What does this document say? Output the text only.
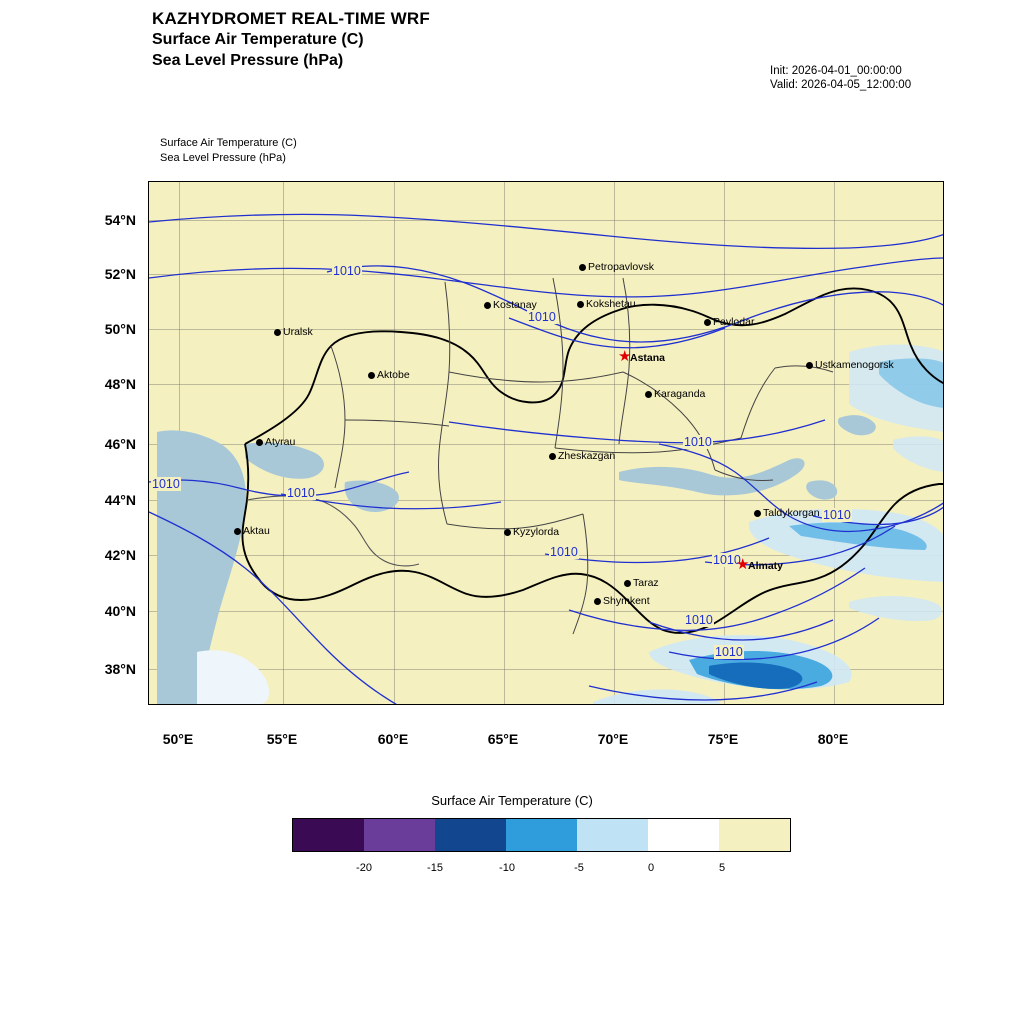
KAZHYDROMET REAL-TIME WRF
Surface Air Temperature (C)
Sea Level Pressure (hPa)
Init: 2026-04-01_00:00:00
Valid: 2026-04-05_12:00:00
Surface Air Temperature (C)
Sea Level Pressure (hPa)
1010
1010
1010
1010
1010
1010
1010
1010
1010
1010
Petropavlovsk
Kostanay	Kokshetau
Pavlodar
Uralsk
Ustkamenogorsk
★
Astana
Aktobe
Karaganda
Zheskazgan
Atyrau
Taldykorgan
Kyzylorda
Aktau
★
Almaty
Taraz
Shymkent
54°N
52°N
50°N
48°N
46°N
44°N
42°N
40°N
38°N
50°E	55°E	60°E	65°E	70°E	75°E	80°E
Surface Air Temperature (C)
-20	-15	-10	-5	0	5
